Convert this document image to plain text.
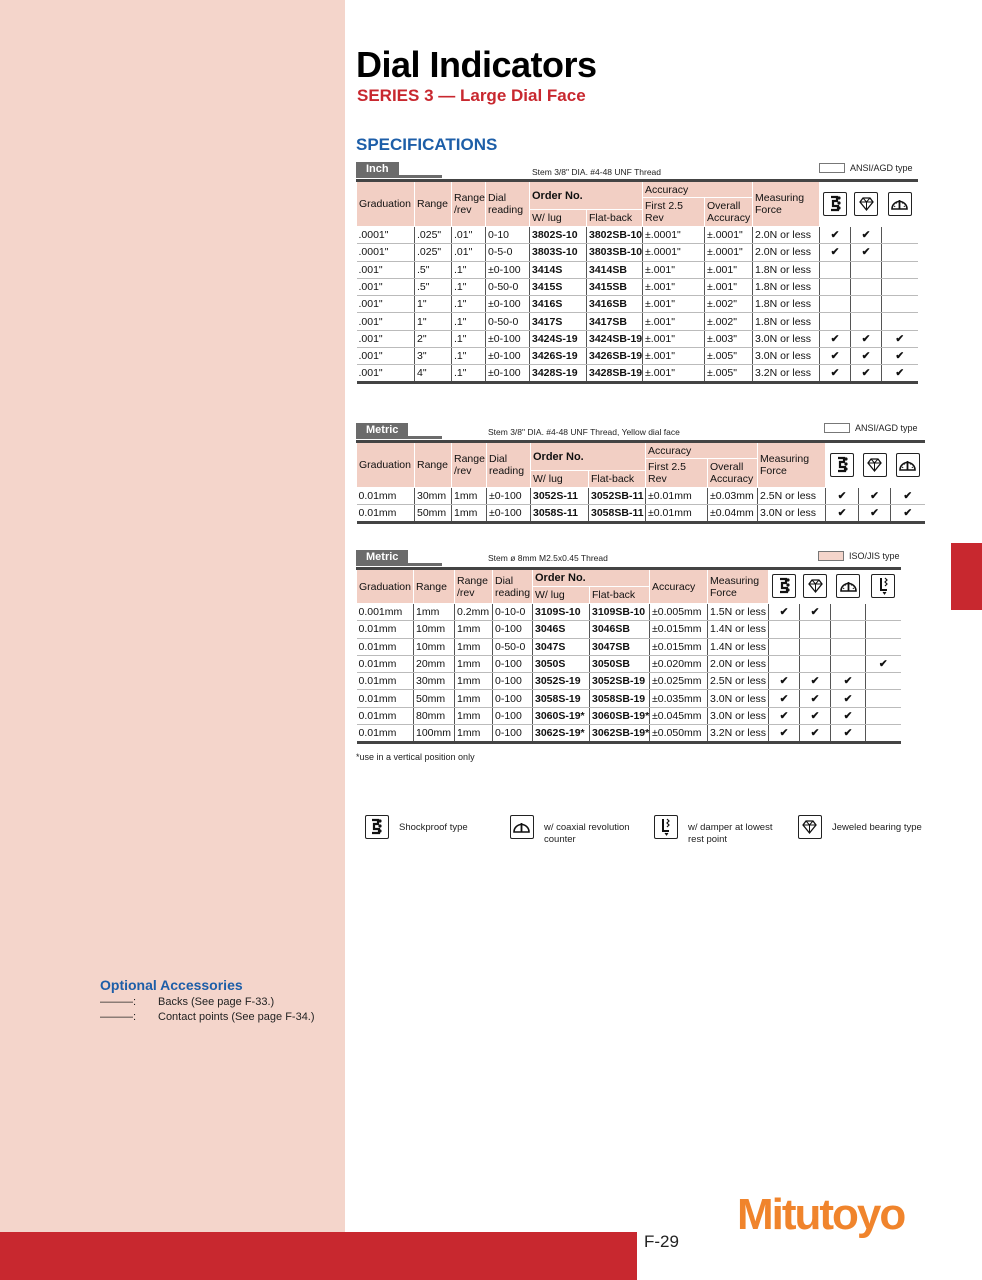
Dial Indicators
SERIES 3 — Large Dial Face
SPECIFICATIONS
Inch	Stem 3/8" DIA. #4-48 UNF Thread	ANSI/AGD type
Graduation	Range	Range /rev	Dial reading	Order No.		Accuracy		Measuring Force			
						First 2.5 Rev	Overall Accuracy				
				W/ lug	Flat-back						
.0001"	.025"	.01"	0-10	3802S-10	3802SB-10	±.0001"	±.0001"	2.0N or less	✔	✔	
.0001"	.025"	.01"	0-5-0	3803S-10	3803SB-10	±.0001"	±.0001"	2.0N or less	✔	✔	
.001"	.5"	.1"	±0-100	3414S	3414SB	±.001"	±.001"	1.8N or less			
.001"	.5"	.1"	0-50-0	3415S	3415SB	±.001"	±.001"	1.8N or less			
.001"	1"	.1"	±0-100	3416S	3416SB	±.001"	±.002"	1.8N or less			
.001"	1"	.1"	0-50-0	3417S	3417SB	±.001"	±.002"	1.8N or less			
.001"	2"	.1"	±0-100	3424S-19	3424SB-19	±.001"	±.003"	3.0N or less	✔	✔	✔
.001"	3"	.1"	±0-100	3426S-19	3426SB-19	±.001"	±.005"	3.0N or less	✔	✔	✔
.001"	4"	.1"	±0-100	3428S-19	3428SB-19	±.001"	±.005"	3.2N or less	✔	✔	✔
Metric	Stem 3/8" DIA. #4-48 UNF Thread, Yellow dial face	ANSI/AGD type
Graduation	Range	Range /rev	Dial reading	Order No.		Accuracy		Measuring Force			
						First 2.5 Rev	Overall Accuracy				
				W/ lug	Flat-back						
0.01mm	30mm	1mm	±0-100	3052S-11	3052SB-11	±0.01mm	±0.03mm	2.5N or less	✔	✔	✔
0.01mm	50mm	1mm	±0-100	3058S-11	3058SB-11	±0.01mm	±0.04mm	3.0N or less	✔	✔	✔
Metric	Stem ø 8mm M2.5x0.45 Thread	ISO/JIS type
Graduation	Range	Range /rev	Dial reading	Order No.		Accuracy	Measuring Force				
				W/ lug	Flat-back						
0.001mm	1mm	0.2mm	0-10-0	3109S-10	3109SB-10	±0.005mm	1.5N or less	✔	✔		
0.01mm	10mm	1mm	0-100	3046S	3046SB	±0.015mm	1.4N or less				
0.01mm	10mm	1mm	0-50-0	3047S	3047SB	±0.015mm	1.4N or less				
0.01mm	20mm	1mm	0-100	3050S	3050SB	±0.020mm	2.0N or less				✔
0.01mm	30mm	1mm	0-100	3052S-19	3052SB-19	±0.025mm	2.5N or less	✔	✔	✔	
0.01mm	50mm	1mm	0-100	3058S-19	3058SB-19	±0.035mm	3.0N or less	✔	✔	✔	
0.01mm	80mm	1mm	0-100	3060S-19*	3060SB-19*	±0.045mm	3.0N or less	✔	✔	✔	
0.01mm	100mm	1mm	0-100	3062S-19*	3062SB-19*	±0.050mm	3.2N or less	✔	✔	✔	
*use in a vertical position only
Shockproof type	w/ coaxial revolution counter
w/ damper at lowest rest point
Jeweled bearing type
Optional Accessories
———: Backs (See page F-33.)
———: Contact points (See page F-34.)
F-29
Mitutoyo
